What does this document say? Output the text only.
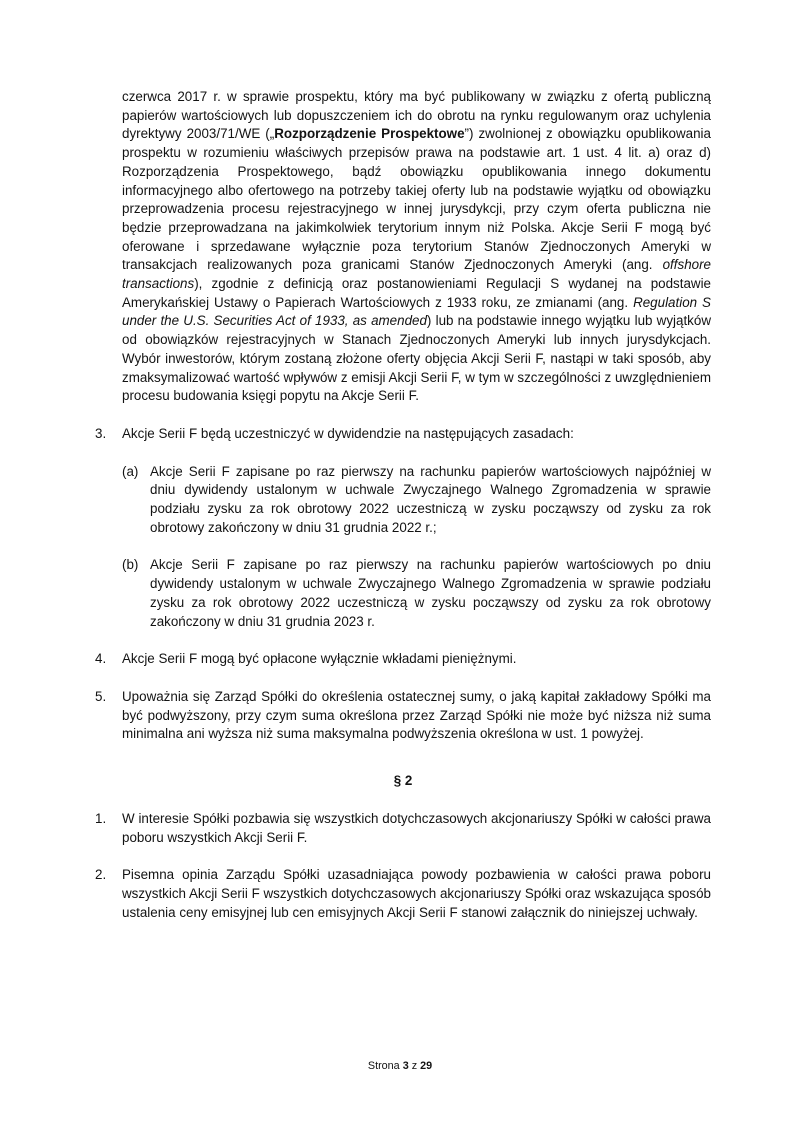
czerwca 2017 r. w sprawie prospektu, który ma być publikowany w związku z ofertą publiczną papierów wartościowych lub dopuszczeniem ich do obrotu na rynku regulowanym oraz uchylenia dyrektywy 2003/71/WE („Rozporządzenie Prospektowe”) zwolnionej z obowiązku opublikowania prospektu w rozumieniu właściwych przepisów prawa na podstawie art. 1 ust. 4 lit. a) oraz d) Rozporządzenia Prospektowego, bądź obowiązku opublikowania innego dokumentu informacyjnego albo ofertowego na potrzeby takiej oferty lub na podstawie wyjątku od obowiązku przeprowadzenia procesu rejestracyjnego w innej jurysdykcji, przy czym oferta publiczna nie będzie przeprowadzana na jakimkolwiek terytorium innym niż Polska. Akcje Serii F mogą być oferowane i sprzedawane wyłącznie poza terytorium Stanów Zjednoczonych Ameryki w transakcjach realizowanych poza granicami Stanów Zjednoczonych Ameryki (ang. offshore transactions), zgodnie z definicją oraz postanowieniami Regulacji S wydanej na podstawie Amerykańskiej Ustawy o Papierach Wartościowych z 1933 roku, ze zmianami (ang. Regulation S under the U.S. Securities Act of 1933, as amended) lub na podstawie innego wyjątku lub wyjątków od obowiązków rejestracyjnych w Stanach Zjednoczonych Ameryki lub innych jurysdykcjach. Wybór inwestorów, którym zostaną złożone oferty objęcia Akcji Serii F, nastąpi w taki sposób, aby zmaksymalizować wartość wpływów z emisji Akcji Serii F, w tym w szczególności z uwzględnieniem procesu budowania księgi popytu na Akcje Serii F.

3.	Akcje Serii F będą uczestniczyć w dywidendzie na następujących zasadach:

(a) Akcje Serii F zapisane po raz pierwszy na rachunku papierów wartościowych najpóźniej w dniu dywidendy ustalonym w uchwale Zwyczajnego Walnego Zgromadzenia w sprawie podziału zysku za rok obrotowy 2022 uczestniczą w zysku począwszy od zysku za rok obrotowy zakończony w dniu 31 grudnia 2022 r.;

(b) Akcje Serii F zapisane po raz pierwszy na rachunku papierów wartościowych po dniu dywidendy ustalonym w uchwale Zwyczajnego Walnego Zgromadzenia w sprawie podziału zysku za rok obrotowy 2022 uczestniczą w zysku począwszy od zysku za rok obrotowy zakończony w dniu 31 grudnia 2023 r.

4.	Akcje Serii F mogą być opłacone wyłącznie wkładami pieniężnymi.

5.	Upoważnia się Zarząd Spółki do określenia ostatecznej sumy, o jaką kapitał zakładowy Spółki ma być podwyższony, przy czym suma określona przez Zarząd Spółki nie może być niższa niż suma minimalna ani wyższa niż suma maksymalna podwyższenia określona w ust. 1 powyżej.

§ 2
1.	W interesie Spółki pozbawia się wszystkich dotychczasowych akcjonariuszy Spółki w całości prawa poboru wszystkich Akcji Serii F.

2.	Pisemna opinia Zarządu Spółki uzasadniająca powody pozbawienia w całości prawa poboru wszystkich Akcji Serii F wszystkich dotychczasowych akcjonariuszy Spółki oraz wskazująca sposób ustalenia ceny emisyjnej lub cen emisyjnych Akcji Serii F stanowi załącznik do niniejszej uchwały.

Strona 3 z 29
